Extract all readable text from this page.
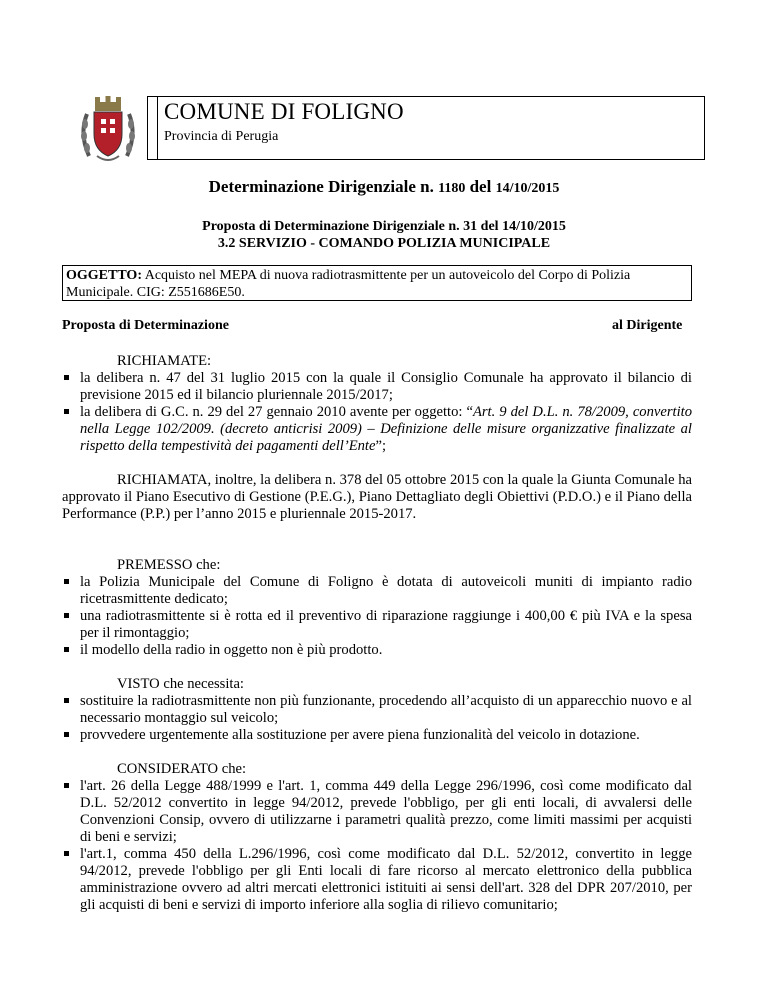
COMUNE DI FOLIGNO
Provincia di Perugia
Determinazione Dirigenziale n. 1180 del 14/10/2015
Proposta di Determinazione Dirigenziale n. 31 del 14/10/2015
3.2 SERVIZIO - COMANDO POLIZIA MUNICIPALE
OGGETTO: Acquisto nel MEPA di nuova radiotrasmittente per un autoveicolo del Corpo di Polizia Municipale. CIG: Z551686E50.
Proposta di Determinazione	al Dirigente

RICHIAMATE:

la delibera n. 47 del 31 luglio 2015 con la quale il Consiglio Comunale ha approvato il bilancio di previsione 2015 ed il bilancio pluriennale 2015/2017;
la delibera di G.C. n. 29 del 27 gennaio 2010 avente per oggetto: “Art. 9 del D.L. n. 78/2009, convertito nella Legge 102/2009. (decreto anticrisi 2009) – Definizione delle misure organizzative finalizzate al rispetto della tempestività dei pagamenti dell’Ente”;

RICHIAMATA, inoltre, la delibera n. 378 del 05 ottobre 2015 con la quale la Giunta Comunale ha approvato il Piano Esecutivo di Gestione (P.E.G.), Piano Dettagliato degli Obiettivi (P.D.O.) e il Piano della Performance (P.P.) per l’anno 2015 e pluriennale 2015-2017.

PREMESSO che:

la Polizia Municipale del Comune di Foligno è dotata di autoveicoli muniti di impianto radio ricetrasmittente dedicato;
una radiotrasmittente si è rotta ed il preventivo di riparazione raggiunge i 400,00 € più IVA e la spesa per il rimontaggio;
il modello della radio in oggetto non è più prodotto.

VISTO che necessita:

sostituire la radiotrasmittente non più funzionante, procedendo all’acquisto di un apparecchio nuovo e al necessario montaggio sul veicolo;
provvedere urgentemente alla sostituzione per avere piena funzionalità del veicolo in dotazione.

CONSIDERATO che:

l'art. 26 della Legge 488/1999 e l'art. 1, comma 449 della Legge 296/1996, così come modificato dal D.L. 52/2012 convertito in legge 94/2012, prevede l'obbligo, per gli enti locali, di avvalersi delle Convenzioni Consip, ovvero di utilizzarne i parametri qualità prezzo, come limiti massimi per acquisti di beni e servizi;
l'art.1, comma 450 della L.296/1996, così come modificato dal D.L. 52/2012, convertito in legge 94/2012, prevede l'obbligo per gli Enti locali di fare ricorso al mercato elettronico della pubblica amministrazione ovvero ad altri mercati elettronici istituiti ai sensi dell'art. 328 del DPR 207/2010, per gli acquisti di beni e servizi di importo inferiore alla soglia di rilievo comunitario;
